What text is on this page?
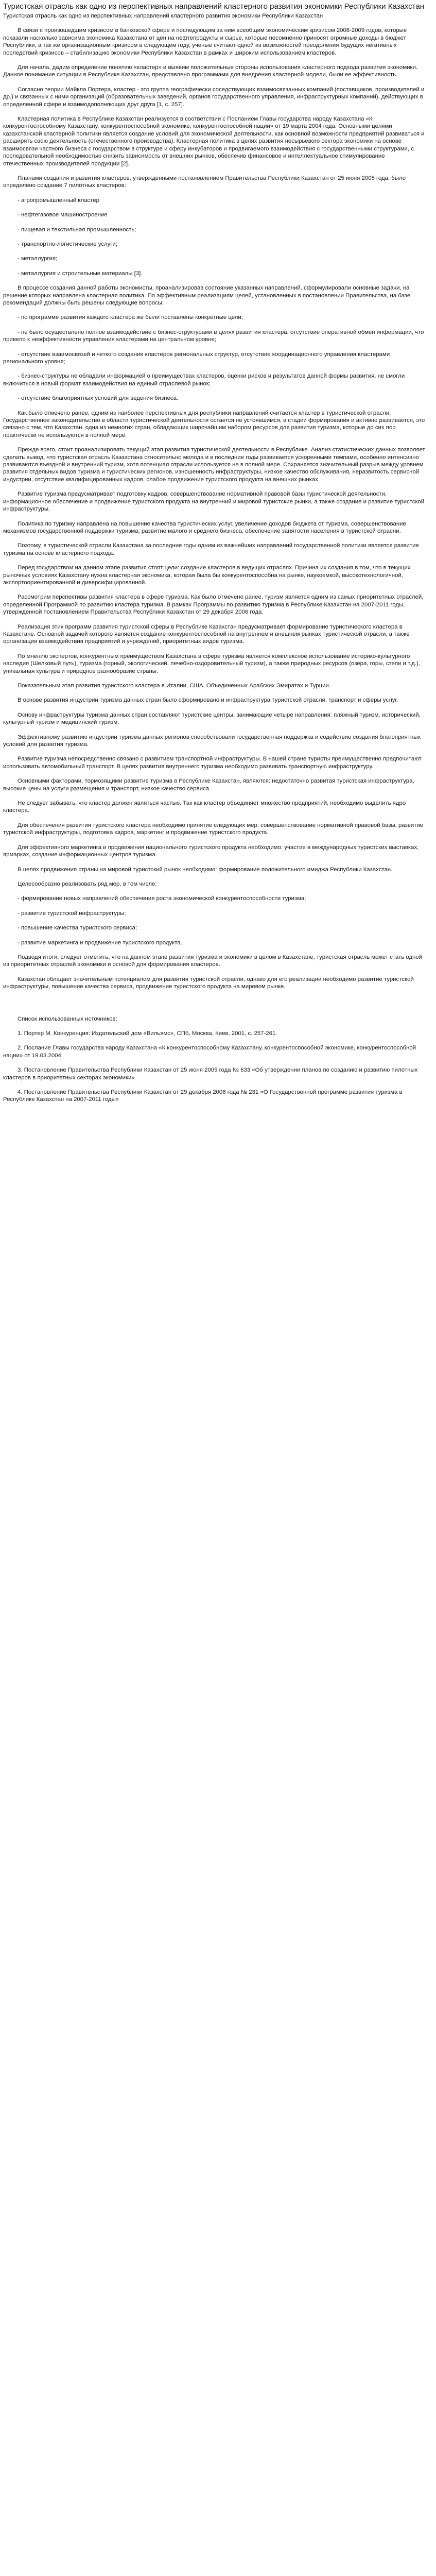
Туристская отрасль как одно из перспективных направлений кластерного развития экономики Республики Казахстан

Туристская отрасль как одно из перспективных направлений кластерного развития экономики Республики Казахстан

В связи с произошедшим кризисом в банковской сфере и последующим за ним всеобщим экономическим кризисом 2008-2009 годов, которые показали насколько зависима экономика Казахстана от цен на нефтепродукты и сырье, которые несомненно приносят огромные доходы в бюджет Республики, а так же организационным кризисом в следующем году, ученые считают одной из возможностей преодоления будущих негативных последствий кризисов – стабилизацию экономики Республики Казахстан в рамках и широким использованием кластеров.

Для начала, дадим определение понятию «кластер» и выявим положительные стороны использования кластерного подхода развития экономики. Данное понимание ситуации в Республике Казахстан, представлено программами для внедрения кластерной модели, были ее эффективность.

Согласно теории Майкла Портера, кластер - это группа географически соседствующих взаимосвязанных компаний (поставщиков, производителей и др.) и связанных с ними организаций (образовательных заведений, органов государственного управления, инфраструктурных компаний), действующих в определенной сфере и взаимодополняющих друг друга [1, с. 257].

Кластерная политика в Республике Казахстан реализуется в соответствии с Посланием Главы государства народу Казахстана «К конкурентоспособному Казахстану, конкурентоспособной экономике, конкурентоспособной нации» от 19 марта 2004 года. Основными целями казахстанской кластерной политики является создание условий для экономической деятельности, как основной возможности предприятий развиваться и расширять свою деятельность (отечественного производства). Кластерная политика в целях развития несырьевого сектора экономики на основе взаимосвязи частного бизнеса с государством в структуре и сферу инкубаторов и продвигаемого взаимодействия с государственными структурами, с последовательной необходимостью снизить зависимость от внешних рынков, обеспечив финансовое и интеллектуальное стимулирование отечественных производителей продукции [2].

Планами создания и развития кластеров, утвержденными постановлением Правительства Республики Казахстан от 25 июня 2005 года, было определено создание 7 пилотных кластеров:

- агропромышленный кластер

- нефтегазовое машиностроение

- пищевая и текстильная промышленность;

- транспортно-логистические услуги;

- металлургия;

- металлургия и строительные материалы [3].

В процессе создания данной работы экономисты, проанализировав состояние указанных направлений, сформулировали основные задачи, на решение которых направлена кластерная политика. По эффективным реализациям целей, установленных в постановлении Правительства, на базе рекомендаций должны быть решены следующие вопросы:

- по программе развития каждого кластера же были поставлены конкретные цели;

- не было осуществлено полное взаимодействие с бизнес-структурами в целях развития кластера, отсутствие оперативной обмен информации, что привело к неэффективности управления кластерами на центральном уровне;

- отсутствие взаимосвязей и четкого создания кластеров региональных структур, отсутствие координационного управления кластерами регионального уровня;

- бизнес-структуры не обладали информацией о преимуществах кластеров, оценки рисков и результатов данной формы развития, не смогли включиться в новый формат взаимодействия на единый отраслевой рынок;

- отсутствие благоприятных условий для ведения бизнеса.

Как было отмечено ранее, одним из наиболее перспективных для республики направлений считается кластер в туристической отрасли. Государственное законодательство в области туристической деятельности остается не устоявшимся, в стадии формирования и активно развивается, это связано с тем, что Казахстан, одна из немногих стран, обладающих широчайшим набором ресурсов для развития туризма, которые до сих пор практически не используются в полной мере.

Прежде всего, стоит проанализировать текущий этап развития туристической деятельности в Республике. Анализ статистических данных позволяет сделать вывод, что туристская отрасль Казахстана относительно молода и в последние годы развивается ускоренными темпами, особенно интенсивно развиваются въездной и внутренний туризм, хотя потенциал отрасли используется не в полной мере. Сохраняется значительный разрыв между уровнем развития отдельных видов туризма и туристических регионов, изношенность инфраструктуры, низкое качество обслуживания, неразвитость сервисной индустрии, отсутствие квалифицированных кадров, слабое продвижение туристского продукта на внешних рынках.

Развитие туризма предусматривает подготовку кадров, совершенствование нормативной правовой базы туристической деятельности, информационное обеспечение и продвижение туристского продукта на внутренний и мировой туристские рынки, а также создание и развитие туристской инфраструктуры.

Политика по туризму направлена на повышение качества туристических услуг, увеличение доходов бюджета от туризма, совершенствование механизмов государственной поддержки туризма, развитие малого и среднего бизнеса, обеспечение занятости населения в туристской отрасли.

Поэтому, в туристической отрасли Казахстана за последние годы одним из важнейших направлений государственной политики является развитие туризма на основе кластерного подхода.

Перед государством на данном этапе развития стоят цели: создание кластеров в ведущих отраслях. Причина их создания в том, что в текущих рыночных условиях Казахстану нужна кластерная экономика, которая была бы конкурентоспособна на рынке, наукоемкой, высокотехнологичной, экспортоориентированной и диверсифицированной.

Рассмотрим перспективы развития кластера в сфере туризма. Как было отмечено ранее, туризм является одним из самых приоритетных отраслей, определенной Программой по развитию кластера туризма. В рамках Программы по развитию туризма в Республике Казахстан на 2007-2011 годы, утвержденной постановлением Правительства Республики Казахстан от 29 декабря 2006 года.

Реализация этих программ развития туристской сферы в Республике Казахстан предусматривает формирование туристического кластера в Казахстане. Основной задачей которого является создание конкурентоспособной на внутреннем и внешнем рынках туристической отрасли, а также организация взаимодействия предприятий и учреждений, приоритетных видов туризма.

По мнению экспертов, конкурентным преимуществом Казахстана в сфере туризма является комплексное использование историко-культурного наследия (Шелковый путь), туризма (горный, экологический, лечебно-оздоровительный туризм), а также природных ресурсов (озера, горы, степи и т.д.), уникальная культура и природное разнообразие страны.

Показательным этап развития туристского кластера в Италии, США, Объединенных Арабских Эмиратах и Турции.

В основе развития индустрии туризма данных стран было сформировано и инфраструктура туристской отрасли, транспорт и сферы услуг.

Основу инфраструктуры туризма данных стран составляют туристские центры, занимающие четыре направления: пляжный туризм, исторический, культурный туризм и медицинский туризм.

Эффективному развитию индустрии туризма данных регионов способствовали государственная поддержка и содействие создания благоприятных условий для развития туризма.

Развитие туризма непосредственно связано с развитием транспортной инфраструктуры. В нашей стране туристы преимущественно предпочитают использовать автомобильный транспорт. В целях развития внутреннего туризма необходимо развивать транспортную инфраструктуру.

Основными факторами, тормозящими развитие туризма в Республике Казахстан, являются: недостаточно развитая туристская инфраструктура, высокие цены на услуги размещения и транспорт, низкое качество сервиса.

Не следует забывать, что кластер должен являться частью. Так как кластер объединяет множество предприятий, необходимо выделить ядро кластера.

Для обеспечения развития туристского кластера необходимо принятие следующих мер: совершенствование нормативной правовой базы, развитие туристской инфраструктуры, подготовка кадров, маркетинг и продвижение туристского продукта.

Для эффективного маркетинга и продвижения национального туристского продукта необходимо: участие в международных туристских выставках, ярмарках, создание информационных центров туризма.

В целях продвижения страны на мировой туристский рынок необходимо: формирование положительного имиджа Республики Казахстан.

Целесообразно реализовать ряд мер, в том числе:

- формирование новых направлений обеспечения роста экономической конкурентоспособности туризма;

- развитие туристской инфраструктуры;

- повышение качества туристского сервиса;

- развитие маркетинга и продвижение туристского продукта.

Подводя итоги, следует отметить, что на данном этапе развития туризма и экономики в целом в Казахстане, туристская отрасль может стать одной из приоритетных отраслей экономики и основой для формирования кластеров.

Казахстан обладает значительным потенциалом для развития туристской отрасли, однако для его реализации необходимо развитие туристской инфраструктуры, повышение качества сервиса, продвижение туристского продукта на мировом рынке.

Список использованных источников:

1. Портер М. Конкуренция: Издательский дом «Вильямс», СПб, Москва, Киев, 2001, с. 257-261.

2. Послание Главы государства народу Казахстана «К конкурентоспособному Казахстану, конкурентоспособной экономике, конкурентоспособной нации» от 19.03.2004

3. Постановление Правительства Республики Казахстан от 25 июня 2005 года № 633 «Об утверждении планов по созданию и развитию пилотных кластеров в приоритетных секторах экономики»

4. Постановление Правительства Республики Казахстан от 29 декабря 2006 года № 231 «О Государственной программе развития туризма в Республике Казахстан на 2007-2011 годы»
